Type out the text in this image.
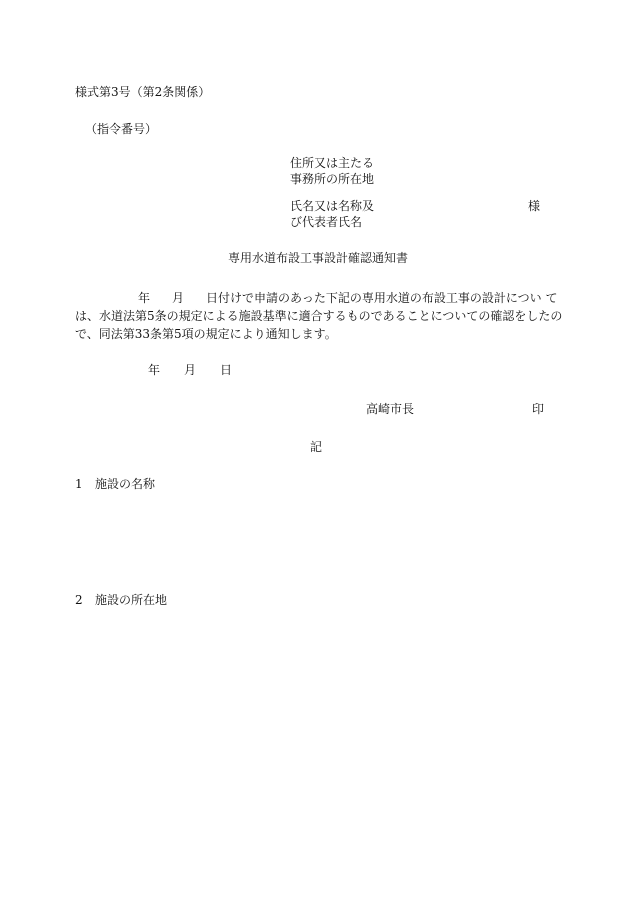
様式第3号（第2条関係）
（指令番号）
住所又は主たる
事務所の所在地
氏名又は名称及
び代表者氏名
様
専用水道布設工事設計確認通知書
年 月 日付けで申請のあった下記の専用水道の布設工事の設計につい て
は、水道法第5条の規定による施設基準に適合するものであることについての確認をしたの
で、同法第33条第5項の規定により通知します。
年 月 日
高崎市長	印
記
1 施設の名称
2 施設の所在地
